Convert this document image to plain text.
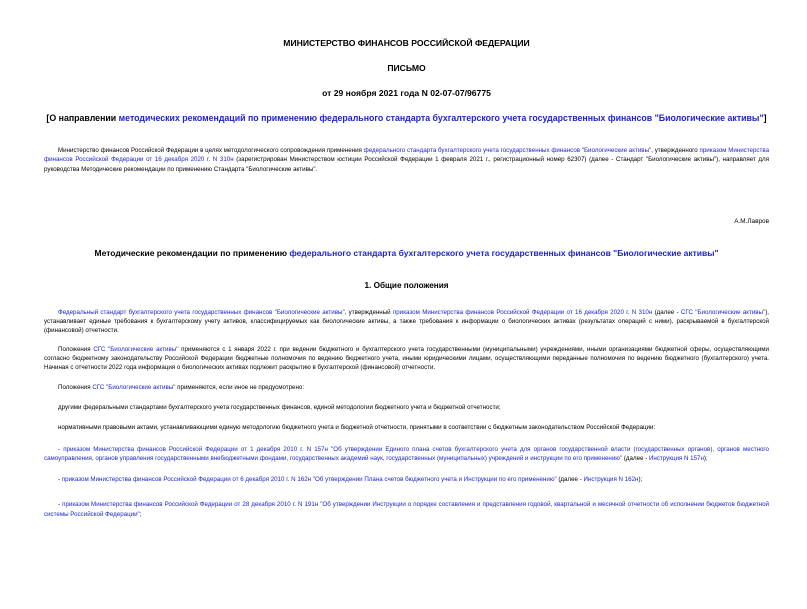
МИНИСТЕРСТВО ФИНАНСОВ РОССИЙСКОЙ ФЕДЕРАЦИИ
ПИСЬМО
от 29 ноября 2021 года N 02-07-07/96775
[О направлении методических рекомендаций по применению федерального стандарта бухгалтерского учета государственных финансов "Биологические активы"]

Министерство финансов Российской Федерации в целях методологического сопровождения применения федерального стандарта бухгалтерского учета государственных финансов "Биологические активы", утвержденного приказом Министерства финансов Российской Федерации от 16 декабря 2020 г. N 310н (зарегистрирован Министерством юстиции Российской Федерации 1 февраля 2021 г., регистрационный номер 62307) (далее - Стандарт "Биологические активы"), направляет для руководства Методические рекомендации по применению Стандарта "Биологические активы".

А.М.Лавров
Методические рекомендации по применению федерального стандарта бухгалтерского учета государственных финансов "Биологические активы"
1. Общие положения

Федеральный стандарт бухгалтерского учета государственных финансов "Биологические активы", утвержденный приказом Министерства финансов Российской Федерации от 16 декабря 2020 г. N 310н (далее - СГС "Биологические активы"), устанавливает единые требования к бухгалтерскому учету активов, классифицируемых как биологические активы, а также требования к информации о биологических активах (результатах операций с ними), раскрываемой в бухгалтерской (финансовой) отчетности.

Положения СГС "Биологические активы" применяются с 1 января 2022 г. при ведении бюджетного и бухгалтерского учета государственными (муниципальными) учреждениями, иными организациями бюджетной сферы, осуществляющими согласно бюджетному законодательству Российской Федерации бюджетные полномочия по ведению бюджетного учета, иными юридическими лицами, осуществляющими переданные полномочия по ведению бюджетного (бухгалтерского) учета. Начиная с отчетности 2022 года информация о биологических активах подлежит раскрытию в бухгалтерской (финансовой) отчетности.

Положения СГС "Биологические активы" применяются, если иное не предусмотрено:

другими федеральными стандартами бухгалтерского учета государственных финансов, единой методологии бюджетного учета и бюджетной отчетности;

нормативными правовыми актами, устанавливающими единую методологию бюджетного учета и бюджетной отчетности, принятыми в соответствии с бюджетным законодательством Российской Федерации:

- приказом Министерства финансов Российской Федерации от 1 декабря 2010 г. N 157н "Об утверждении Единого плана счетов бухгалтерского учета для органов государственной власти (государственных органов), органов местного самоуправления, органов управления государственными внебюджетными фондами, государственных академий наук, государственных (муниципальных) учреждений и инструкции по его применению" (далее - Инструкция N 157н);

- приказом Министерства финансов Российской Федерации от 6 декабря 2010 г. N 162н "Об утверждении Плана счетов бюджетного учета и Инструкции по его применению" (далее - Инструкция N 162н);

- приказом Министерства финансов Российской Федерации от 28 декабря 2010 г. N 191н "Об утверждении Инструкции о порядке составления и представления годовой, квартальной и месячной отчетности об исполнении бюджетов бюджетной системы Российской Федерации";
